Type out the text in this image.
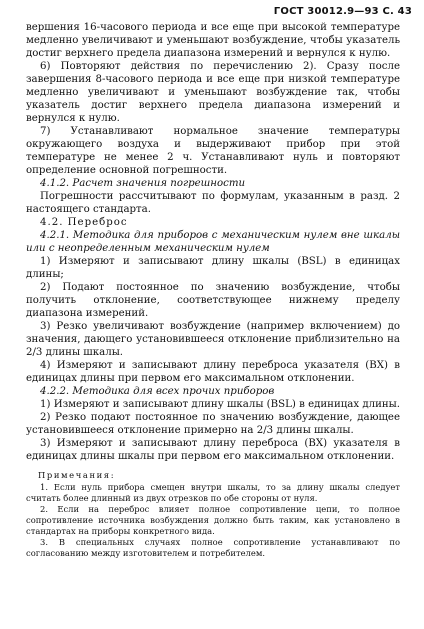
ГОСТ 30012.9—93 С. 43

вершения 16-часового периода и все еще при высокой температуре медленно увеличивают и уменьшают возбуждение, чтобы указатель достиг верхнего предела диапазона измерений и вернулся к нулю.

6) Повторяют действия по перечислению 2). Сразу после завершения 8-часового периода и все еще при низкой температуре медленно увеличивают и уменьшают возбуждение так, чтобы указатель достиг верхнего предела диапазона измерений и вернулся к нулю.

7) Устанавливают нормальное значение температуры окружающего воздуха и выдерживают прибор при этой температуре не менее 2 ч. Устанавливают нуль и повторяют определение основной погрешности.

4.1.2. Расчет значения погрешности

Погрешности рассчитывают по формулам, указанным в разд. 2 настоящего стандарта.

4.2. Переброс

4.2.1. Методика для приборов с механическим нулем вне шкалы или с неопределенным механическим нулем

1) Измеряют и записывают длину шкалы (BSL) в единицах длины;

2) Подают постоянное по значению возбуждение, чтобы получить отклонение, соответствующее нижнему пределу диапазона измерений.

3) Резко увеличивают возбуждение (например включением) до значения, дающего установившееся отклонение приблизительно на 2/3 длины шкалы.

4) Измеряют и записывают длину переброса указателя (BX) в единицах длины при первом его максимальном отклонении.

4.2.2. Методика для всех прочих приборов

1) Измеряют и записывают длину шкалы (BSL) в единицах длины.

2) Резко подают постоянное по значению возбуждение, дающее установившееся отклонение примерно на 2/3 длины шкалы.

3) Измеряют и записывают длину переброса (BX) указателя в единицах длины шкалы при первом его максимальном отклонении.

Примечания:

1. Если нуль прибора смещен внутри шкалы, то за длину шкалы следует считать более длинный из двух отрезков по обе стороны от нуля.

2. Если на переброс влияет полное сопротивление цепи, то полное сопротивление источника возбуждения должно быть таким, как установлено в стандартах на приборы конкретного вида.

3. В специальных случаях полное сопротивление устанавливают по согласованию между изготовителем и потребителем.
